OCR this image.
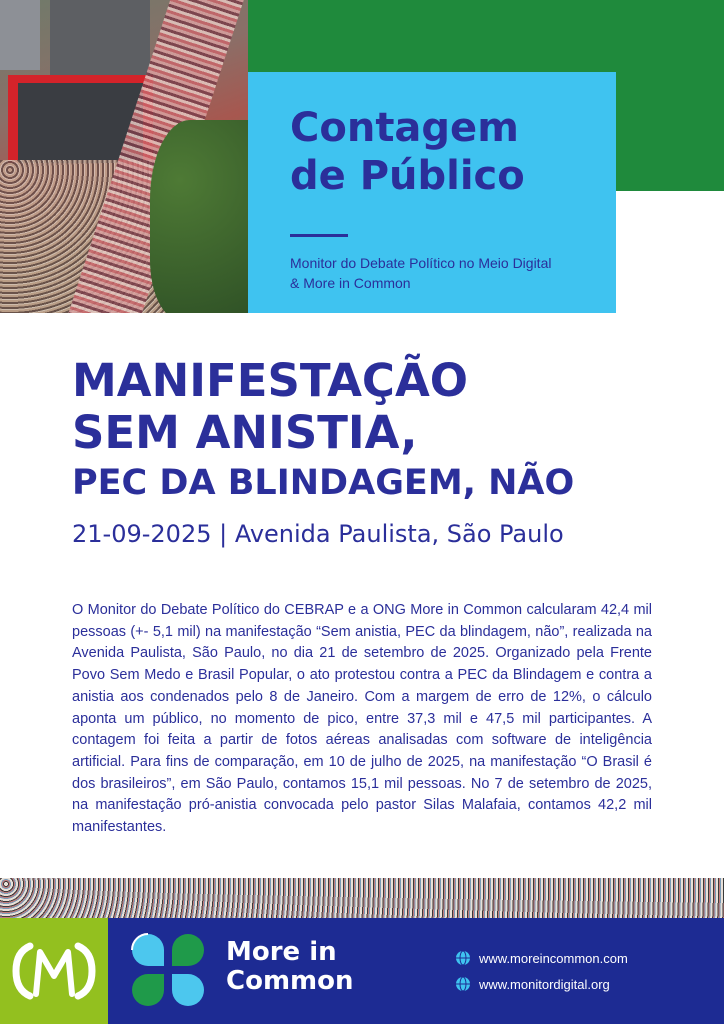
Contagem
de Público
Monitor do Debate Político no Meio Digital
& More in Common
MANIFESTAÇÃO
SEM ANISTIA,
PEC DA BLINDAGEM, NÃO
21-09-2025 | Avenida Paulista, São Paulo

O Monitor do Debate Político do CEBRAP e a ONG More in Common calcularam 42,4 mil pessoas (+- 5,1 mil) na manifestação “Sem anistia, PEC da blindagem, não”, realizada na Avenida Paulista, São Paulo, no dia 21 de setembro de 2025. Organizado pela Frente Povo Sem Medo e Brasil Popular, o ato protestou contra a PEC da Blindagem e contra a anistia aos condenados pelo 8 de Janeiro. Com a margem de erro de 12%, o cálculo aponta um público, no momento de pico, entre 37,3 mil e 47,5 mil participantes. A contagem foi feita a partir de fotos aéreas analisadas com software de inteligência artificial. Para fins de comparação, em 10 de julho de 2025, na manifestação “O Brasil é dos brasileiros”, em São Paulo, contamos 15,1 mil pessoas. No 7 de setembro de 2025, na manifestação pró-anistia convocada pelo pastor Silas Malafaia, contamos 42,2 mil manifestantes.

More in
Common
www.moreincommon.com
www.monitordigital.org
